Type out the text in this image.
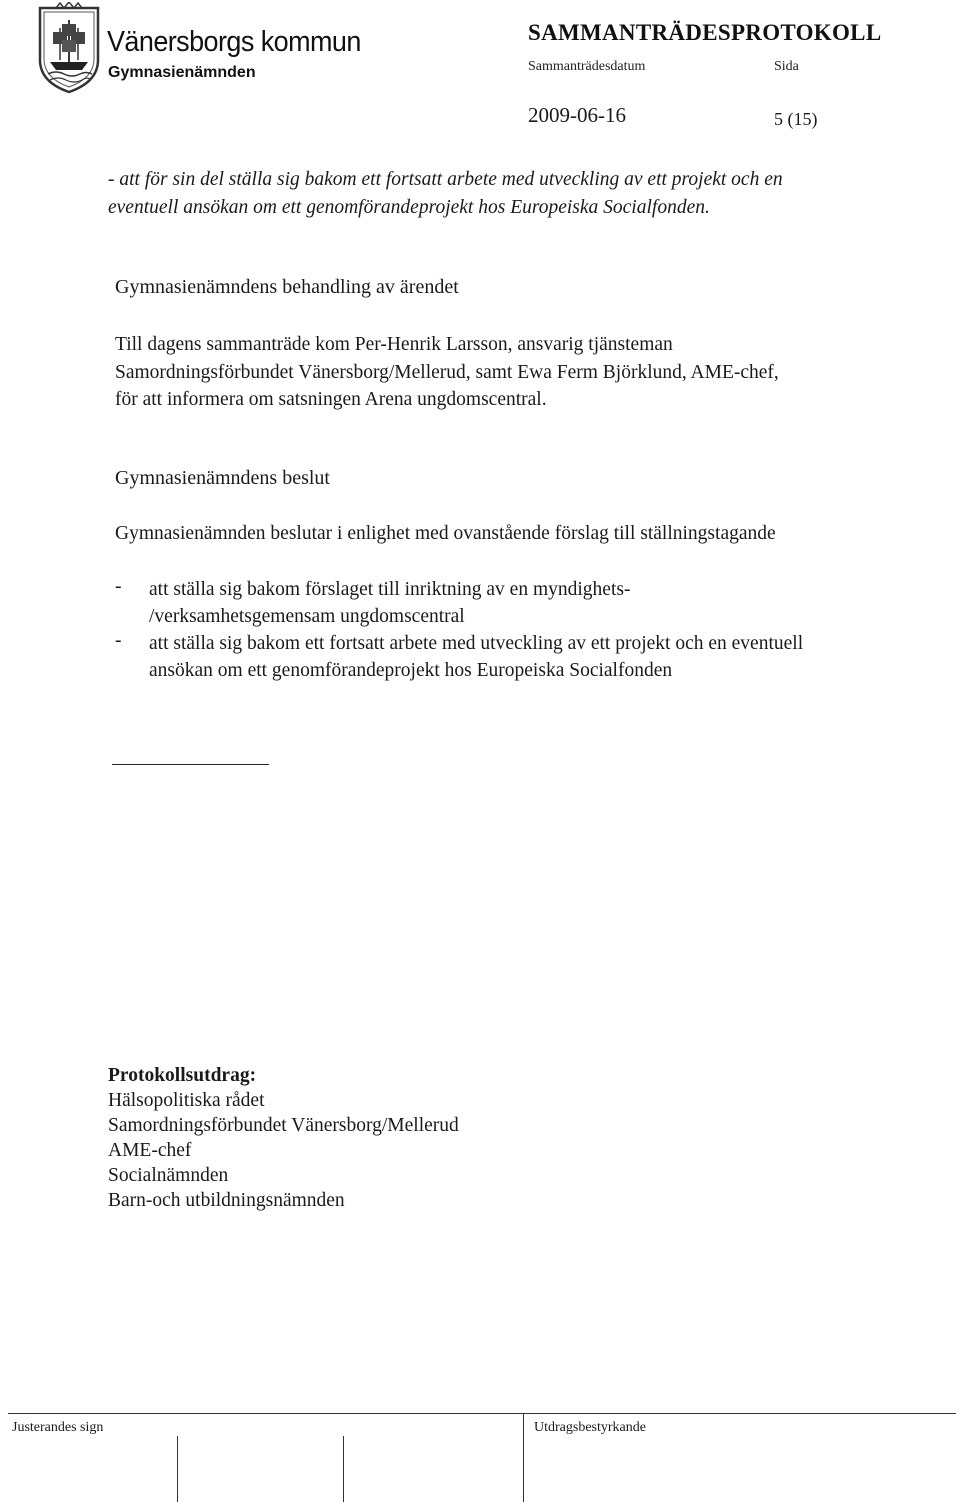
Vänersborgs kommun
Gymnasienämnden
SAMMANTRÄDESPROTOKOLL
Sammanträdesdatum	Sida
2009-06-16	5 (15)
- att för sin del ställa sig bakom ett fortsatt arbete med utveckling av ett projekt och en
eventuell ansökan om ett genomförandeprojekt hos Europeiska Socialfonden.
Gymnasienämndens behandling av ärendet
Till dagens sammanträde kom Per-Henrik Larsson, ansvarig tjänsteman
Samordningsförbundet Vänersborg/Mellerud, samt Ewa Ferm Björklund, AME-chef,
för att informera om satsningen Arena ungdomscentral.
Gymnasienämndens beslut
Gymnasienämnden beslutar i enlighet med ovanstående förslag till ställningstagande
- att ställa sig bakom förslaget till inriktning av en myndighets-
/verksamhetsgemensam ungdomscentral
- att ställa sig bakom ett fortsatt arbete med utveckling av ett projekt och en eventuell
ansökan om ett genomförandeprojekt hos Europeiska Socialfonden
Protokollsutdrag:
Hälsopolitiska rådet
Samordningsförbundet Vänersborg/Mellerud
AME-chef
Socialnämnden
Barn-och utbildningsnämnden
Justerandes sign	Utdragsbestyrkande
